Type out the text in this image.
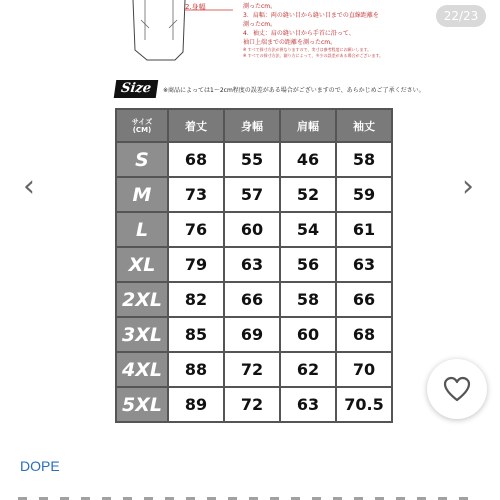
2.身幅	測ったcm。
3．肩幅：両の縫い目から縫い目までの直線距離を
測ったcm。
4．袖丈：肩の縫い目から手首に沿って、
袖口上端までの距離を測ったcm。
※ すべて採寸方法が異なりますので、実寸は参考程度にお願いします。
※ すべての採寸方法、測り方によって、多少の誤差がある場合がございます。
Size	※商品によっては1～2cm程度の誤差がある場合がございますので、あらかじめご了承ください。
サイズ
(CM)	着丈	身幅	肩幅	袖丈
S	68	55	46	58
M	73	57	52	59
L	76	60	54	61
XL	79	63	56	63
2XL	82	66	58	66
3XL	85	69	60	68
4XL	88	72	62	70
5XL	89	72	63	70.5
22/23
‹	›
DOPE
